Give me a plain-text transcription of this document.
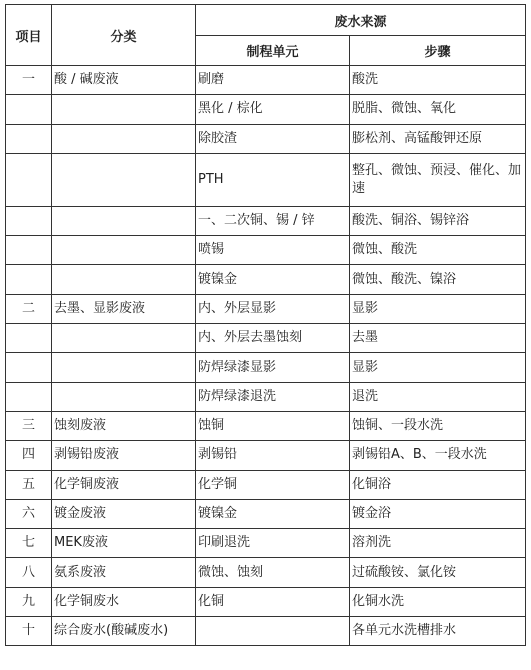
项目	分类	废水来源	
		制程单元	步骤
一	酸 / 碱废液	刷磨	酸洗
		黑化 / 棕化	脱脂、微蚀、氧化
		除胶渣	膨松剂、高锰酸钾还原
		PTH	整孔、微蚀、预浸、催化、加速
		一、二次铜、锡 / 锌	酸洗、铜浴、锡锌浴
		喷锡	微蚀、酸洗
		镀镍金	微蚀、酸洗、镍浴
二	去墨、显影废液	内、外层显影	显影
		内、外层去墨蚀刻	去墨
		防焊绿漆显影	显影
		防焊绿漆退洗	退洗
三	蚀刻废液	蚀铜	蚀铜、一段水洗
四	剥锡铅废液	剥锡铅	剥锡铅A、B、一段水洗
五	化学铜废液	化学铜	化铜浴
六	镀金废液	镀镍金	镀金浴
七	MEK废液	印刷退洗	溶剂洗
八	氨系废液	微蚀、蚀刻	过硫酸铵、氯化铵
九	化学铜废水	化铜	化铜水洗
十	综合废水(酸碱废水)		各单元水洗槽排水
